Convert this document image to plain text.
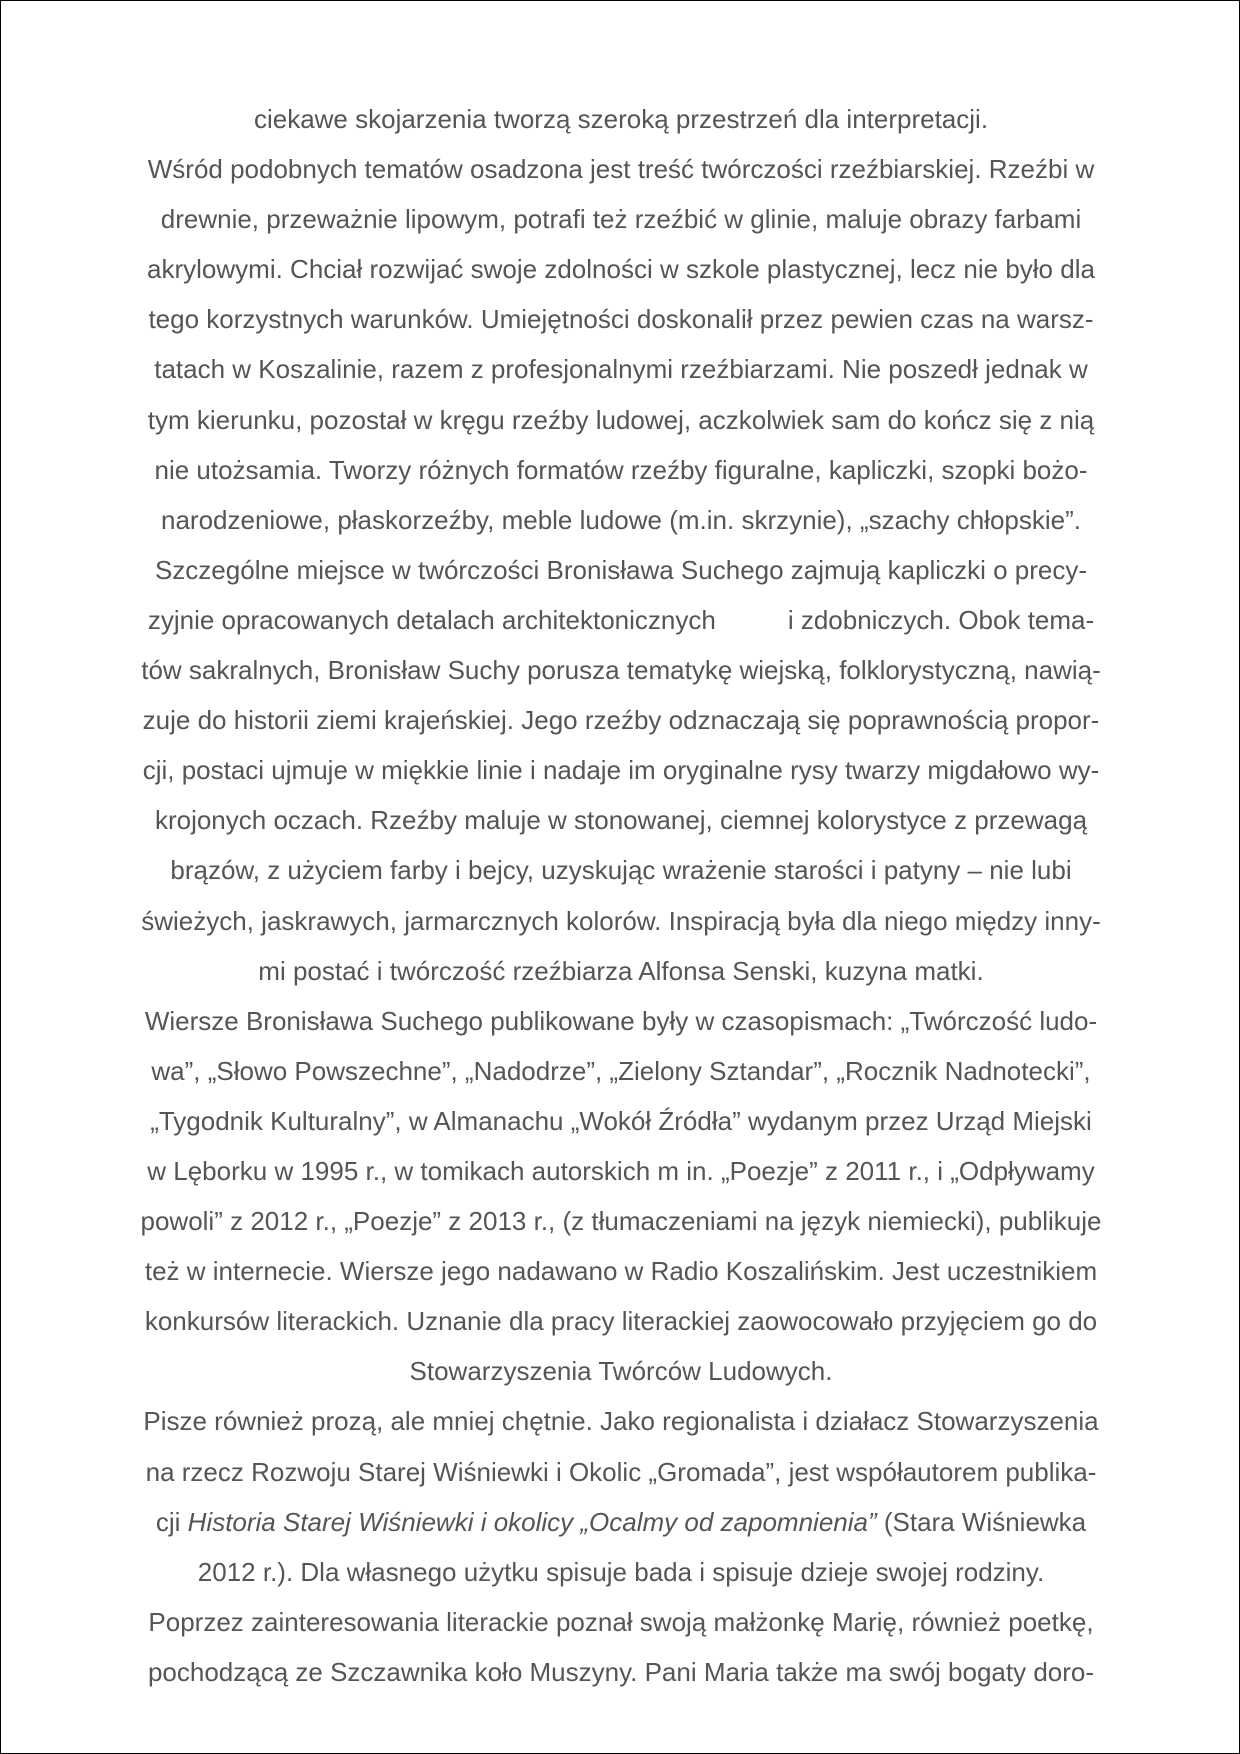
ciekawe skojarzenia tworzą szeroką przestrzeń dla interpretacji.
Wśród podobnych tematów osadzona jest treść twórczości rzeźbiarskiej. Rzeźbi w
drewnie, przeważnie lipowym, potrafi też rzeźbić w glinie, maluje obrazy farbami
akrylowymi. Chciał rozwijać swoje zdolności w szkole plastycznej, lecz nie było dla
tego korzystnych warunków. Umiejętności doskonalił przez pewien czas na warsz-
tatach w Koszalinie, razem z profesjonalnymi rzeźbiarzami. Nie poszedł jednak w
tym kierunku, pozostał w kręgu rzeźby ludowej, aczkolwiek sam do kończ się z nią
nie utożsamia. Tworzy różnych formatów rzeźby figuralne, kapliczki, szopki bożo-
narodzeniowe, płaskorzeźby, meble ludowe (m.in. skrzynie), „szachy chłopskie”.
Szczególne miejsce w twórczości Bronisława Suchego zajmują kapliczki o precy-
zyjnie opracowanych detalach architektonicznych	i zdobniczych. Obok tema-
tów sakralnych, Bronisław Suchy porusza tematykę wiejską, folklorystyczną, nawią-
zuje do historii ziemi krajeńskiej. Jego rzeźby odznaczają się poprawnością propor-
cji, postaci ujmuje w miękkie linie i nadaje im oryginalne rysy twarzy migdałowo wy-
krojonych oczach. Rzeźby maluje w stonowanej, ciemnej kolorystyce z przewagą
brązów, z użyciem farby i bejcy, uzyskując wrażenie starości i patyny – nie lubi
świeżych, jaskrawych, jarmarcznych kolorów. Inspiracją była dla niego między inny-
mi postać i twórczość rzeźbiarza Alfonsa Senski, kuzyna matki.
Wiersze Bronisława Suchego publikowane były w czasopismach: „Twórczość ludo-
wa”, „Słowo Powszechne”, „Nadodrze”, „Zielony Sztandar”, „Rocznik Nadnotecki”,
„Tygodnik Kulturalny”, w Almanachu „Wokół Źródła” wydanym przez Urząd Miejski
w Lęborku w 1995 r., w tomikach autorskich m in. „Poezje” z 2011 r., i „Odpływamy
powoli” z 2012 r., „Poezje” z 2013 r., (z tłumaczeniami na język niemiecki), publikuje
też w internecie. Wiersze jego nadawano w Radio Koszalińskim. Jest uczestnikiem
konkursów literackich. Uznanie dla pracy literackiej zaowocowało przyjęciem go do
Stowarzyszenia Twórców Ludowych.
Pisze również prozą, ale mniej chętnie. Jako regionalista i działacz Stowarzyszenia
na rzecz Rozwoju Starej Wiśniewki i Okolic „Gromada”, jest współautorem publika-
cji Historia Starej Wiśniewki i okolicy „Ocalmy od zapomnienia” (Stara Wiśniewka
2012 r.). Dla własnego użytku spisuje bada i spisuje dzieje swojej rodziny.
Poprzez zainteresowania literackie poznał swoją małżonkę Marię, również poetkę,
pochodzącą ze Szczawnika koło Muszyny. Pani Maria także ma swój bogaty doro-
